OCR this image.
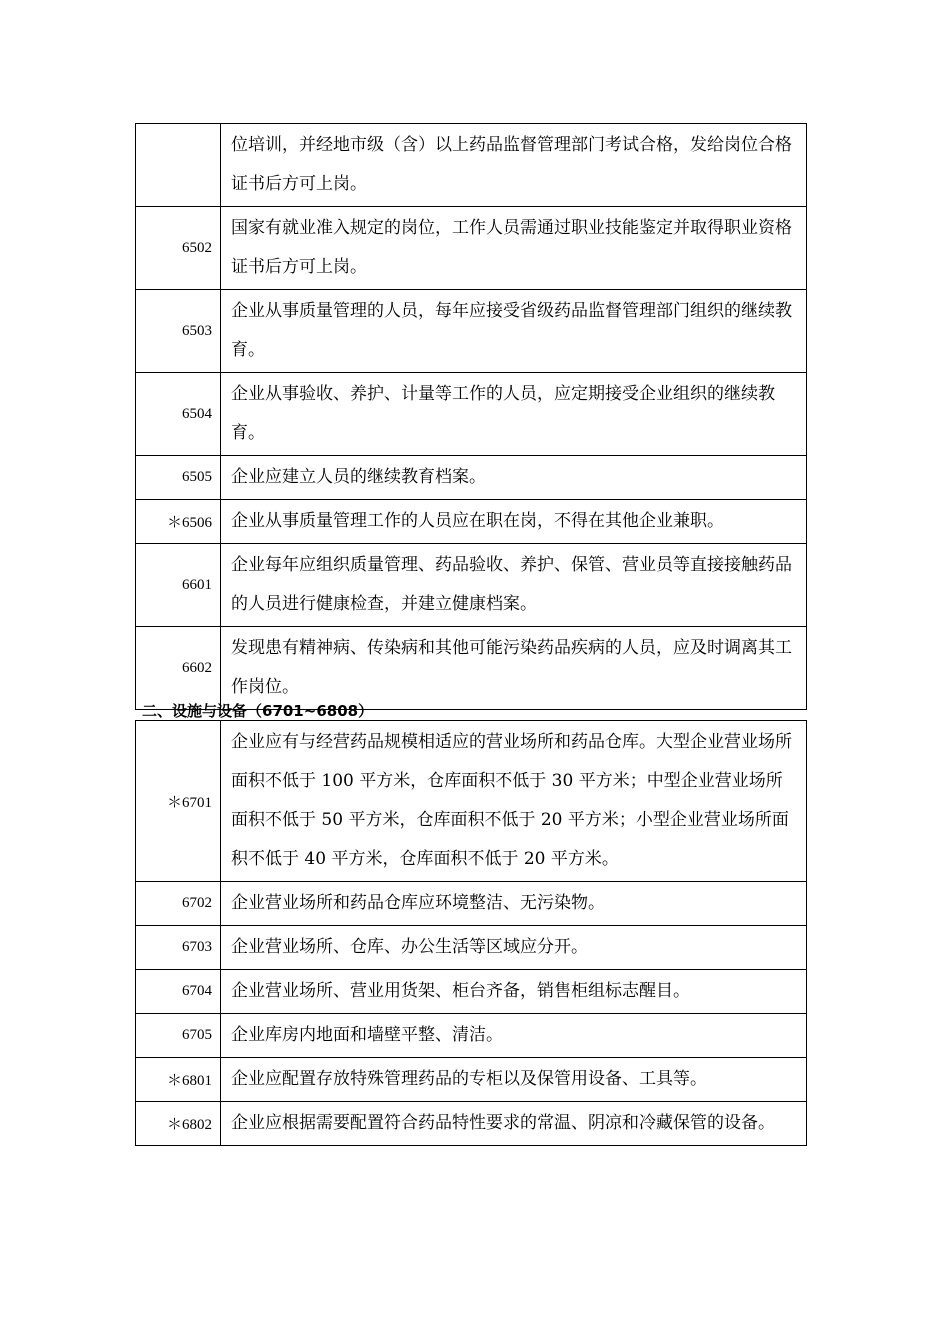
	位培训，并经地市级（含）以上药品监督管理部门考试合格，发给岗位合格证书后方可上岗。
6502	国家有就业准入规定的岗位，工作人员需通过职业技能鉴定并取得职业资格证书后方可上岗。
6503	企业从事质量管理的人员，每年应接受省级药品监督管理部门组织的继续教育。
6504	企业从事验收、养护、计量等工作的人员，应定期接受企业组织的继续教育。
6505	企业应建立人员的继续教育档案。
＊6506	企业从事质量管理工作的人员应在职在岗，不得在其他企业兼职。
6601	企业每年应组织质量管理、药品验收、养护、保管、营业员等直接接触药品的人员进行健康检查，并建立健康档案。
6602	发现患有精神病、传染病和其他可能污染药品疾病的人员，应及时调离其工作岗位。
二、设施与设备（6701~6808）
＊6701	企业应有与经营药品规模相适应的营业场所和药品仓库。大型企业营业场所面积不低于 100 平方米，仓库面积不低于 30 平方米；中型企业营业场所面积不低于 50 平方米，仓库面积不低于 20 平方米；小型企业营业场所面积不低于 40 平方米，仓库面积不低于 20 平方米。
6702	企业营业场所和药品仓库应环境整洁、无污染物。
6703	企业营业场所、仓库、办公生活等区域应分开。
6704	企业营业场所、营业用货架、柜台齐备，销售柜组标志醒目。
6705	企业库房内地面和墙壁平整、清洁。
＊6801	企业应配置存放特殊管理药品的专柜以及保管用设备、工具等。
＊6802	企业应根据需要配置符合药品特性要求的常温、阴凉和冷藏保管的设备。
